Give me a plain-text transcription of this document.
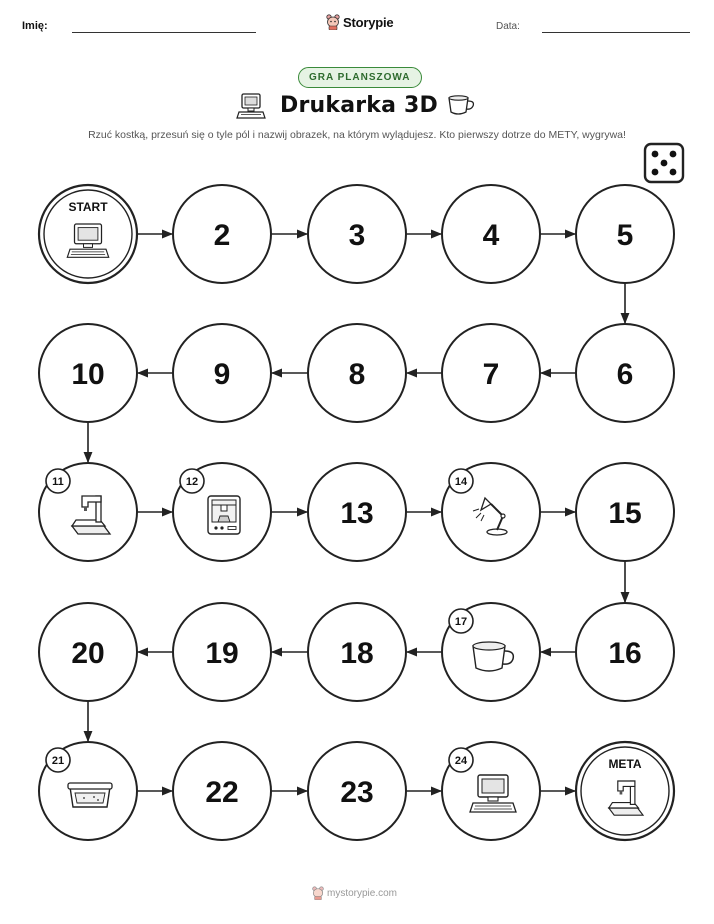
Imię:	Storypie	Data:
GRA PLANSZOWA
Drukarka 3D
Rzuć kostką, przesuń się o tyle pól i nazwij obrazek, na którym wylądujesz. Kto pierwszy dotrze do METY, wygrywa!
START
2	3	4	5
6
7
8
9
10
11	12
13
14
15
16
17
18
19
20
21
22	23
24	META
mystorypie.com
